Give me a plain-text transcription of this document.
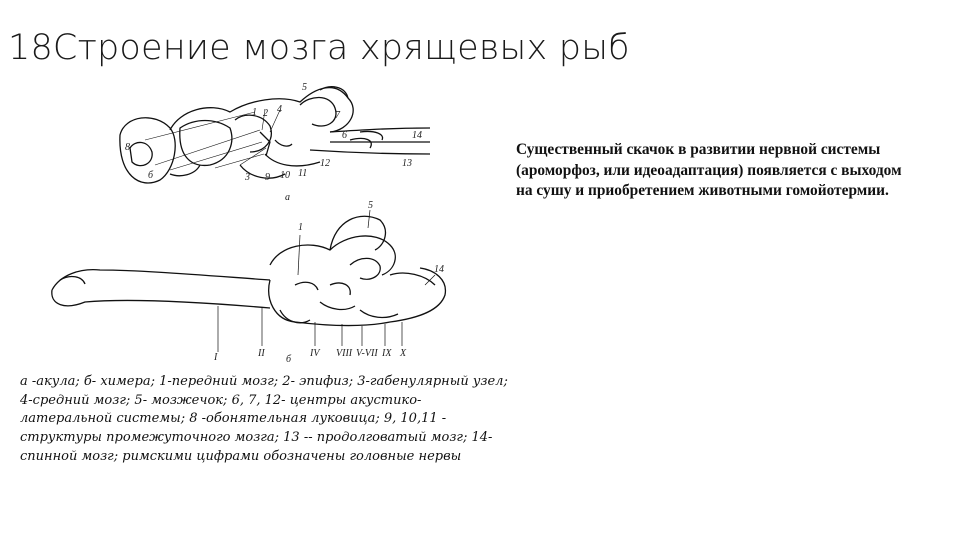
18Строение мозга хрящевых рыб
1 2 4
5
7
6	14
13
8
б	3 9 10 11
12
а
1
5
14
I	II	IV VIII V-VII IX X
б
Существенный скачок в развитии нервной системы (ароморфоз, или идеоадаптация) появляется с выходом на сушу и приобретением животными гомойотермии.
а -акула; б- химера; 1-передний мозг; 2- эпифиз; 3-габенулярный узел; 4-средний мозг; 5- мозжечок; 6, 7, 12- центры акустико-латеральной системы; 8 -обонятельная луковица; 9, 10,11 - структуры промежуточного мозга; 13 -- продолговатый мозг; 14- спинной мозг; римскими цифрами обозначены головные нервы
